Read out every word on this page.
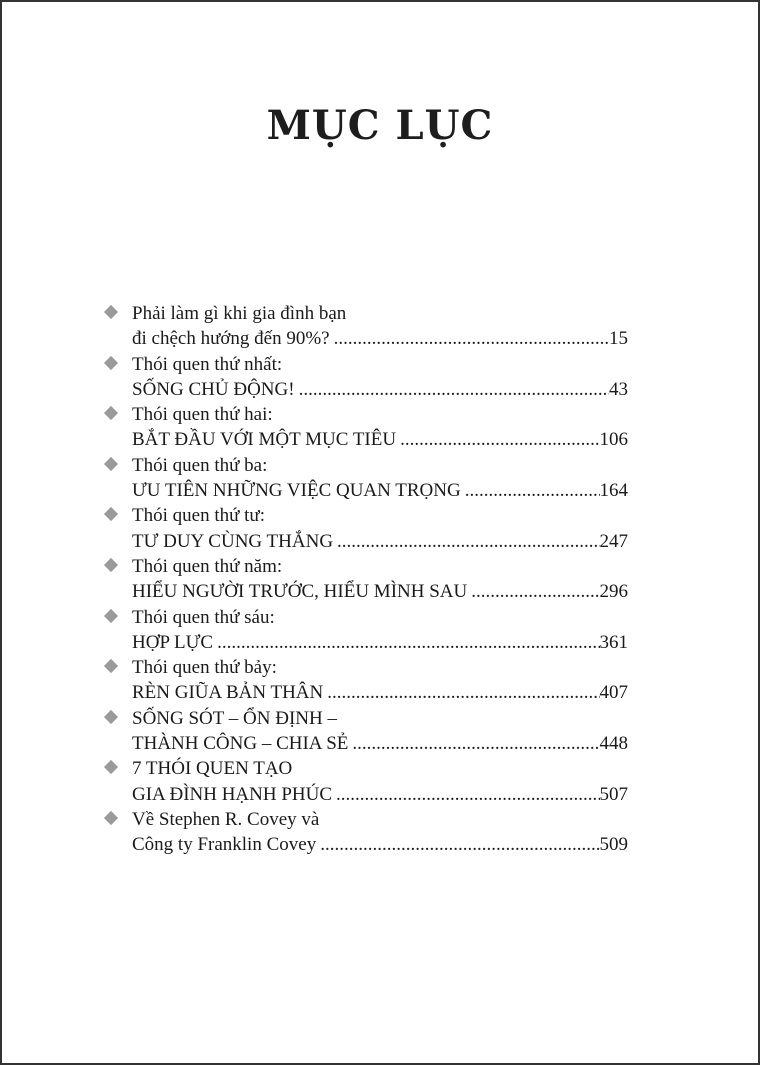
MỤC LỤC
Phải làm gì khi gia đình bạn
đi chệch hướng đến 90%? .....	15
Thói quen thứ nhất:
SỐNG CHỦ ĐỘNG! .....	43
Thói quen thứ hai:
BẮT ĐẦU VỚI MỘT MỤC TIÊU .....	106
Thói quen thứ ba:
ƯU TIÊN NHỮNG VIỆC QUAN TRỌNG .....	164
Thói quen thứ tư:
TƯ DUY CÙNG THẮNG .....	247
Thói quen thứ năm:
HIỂU NGƯỜI TRƯỚC, HIỂU MÌNH SAU .....	296
Thói quen thứ sáu:
HỢP LỰC .....	361
Thói quen thứ bảy:
RÈN GIŨA BẢN THÂN .....	407
SỐNG SÓT – ỔN ĐỊNH –
THÀNH CÔNG – CHIA SẺ .....	448
7 THÓI QUEN TẠO
GIA ĐÌNH HẠNH PHÚC .....	507
Về Stephen R. Covey và
Công ty Franklin Covey .....	509
